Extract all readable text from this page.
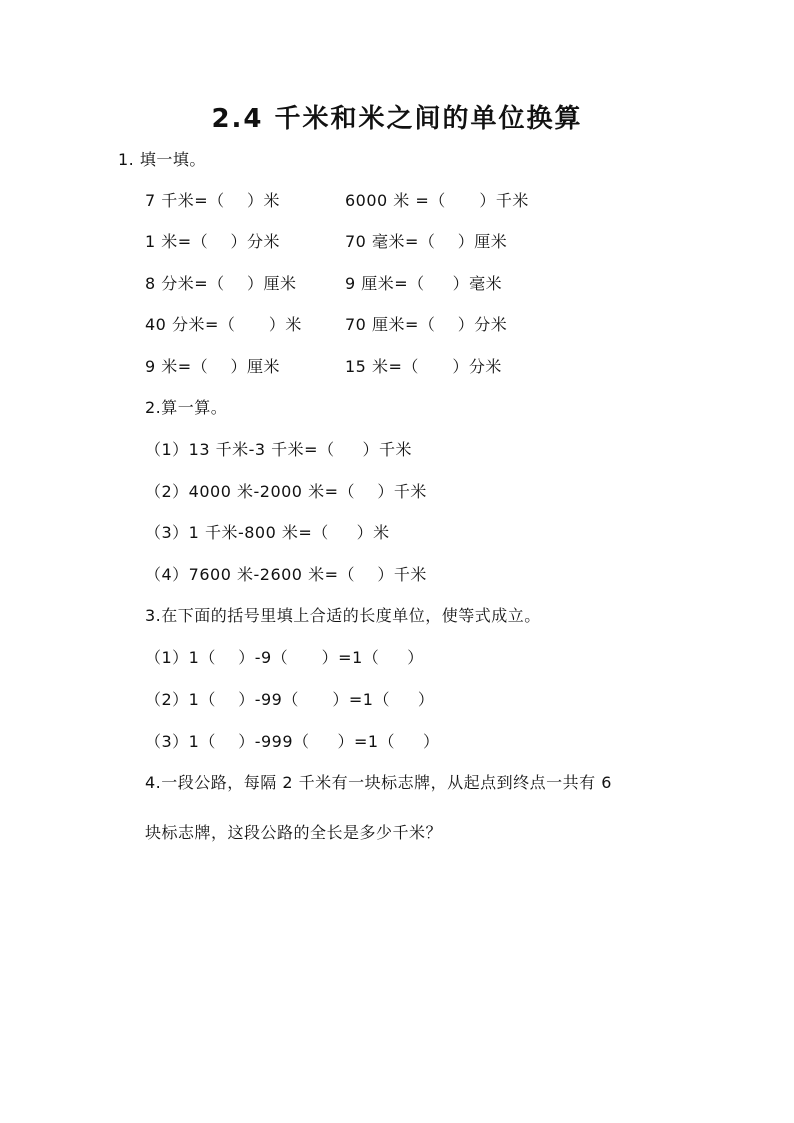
2.4 千米和米之间的单位换算
1. 填一填。
7 千米=（    ）米	6000 米 =（      ）千米
1 米=（    ）分米	70 毫米=（    ）厘米
8 分米=（    ）厘米	9 厘米=（     ）毫米
40 分米=（      ）米	70 厘米=（    ）分米
9 米=（    ）厘米	15 米=（      ）分米
2.算一算。
（1）13 千米-3 千米=（     ）千米
（2）4000 米-2000 米=（    ）千米
（3）1 千米-800 米=（     ）米
（4）7600 米-2600 米=（    ）千米
3.在下面的括号里填上合适的长度单位，使等式成立。
（1）1（    ）-9（      ）=1（     ）
（2）1（    ）-99（      ）=1（     ）
（3）1（    ）-999（     ）=1（     ）
4.一段公路，每隔 2 千米有一块标志牌，从起点到终点一共有 6
块标志牌，这段公路的全长是多少千米？
